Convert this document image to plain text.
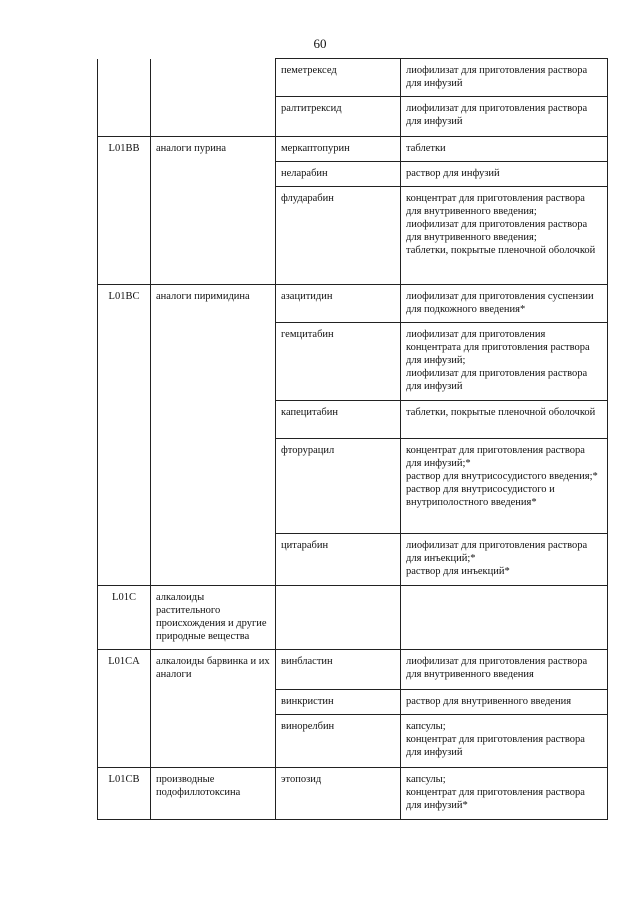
60
		пеметрексед	лиофилизат для приготовления раствора для инфузий
		ралтитрексид	лиофилизат для приготовления раствора для инфузий
L01BB	аналоги пурина	меркаптопурин	таблетки
		неларабин	раствор для инфузий
		флударабин	концентрат для приготовления раствора для внутривенного введения;
лиофилизат для приготовления раствора для внутривенного введения;
таблетки, покрытые пленочной оболочкой
L01BC	аналоги пиримидина	азацитидин	лиофилизат для приготовления суспензии для подкожного введения*
		гемцитабин	лиофилизат для приготовления концентрата для приготовления раствора для инфузий;
лиофилизат для приготовления раствора для инфузий
		капецитабин	таблетки, покрытые пленочной оболочкой
		фторурацил	концентрат для приготовления раствора для инфузий;*
раствор для внутрисосудистого введения;*
раствор для внутрисосудистого и внутриполостного введения*
		цитарабин	лиофилизат для приготовления раствора для инъекций;*
раствор для инъекций*
L01C	алкалоиды растительного происхождения и другие природные вещества		
L01CA	алкалоиды барвинка и их аналоги	винбластин	лиофилизат для приготовления раствора для внутривенного введения
		винкристин	раствор для внутривенного введения
		винорелбин	капсулы;
концентрат для приготовления раствора для инфузий
L01CB	производные подофиллотоксина	этопозид	капсулы;
концентрат для приготовления раствора для инфузий*
